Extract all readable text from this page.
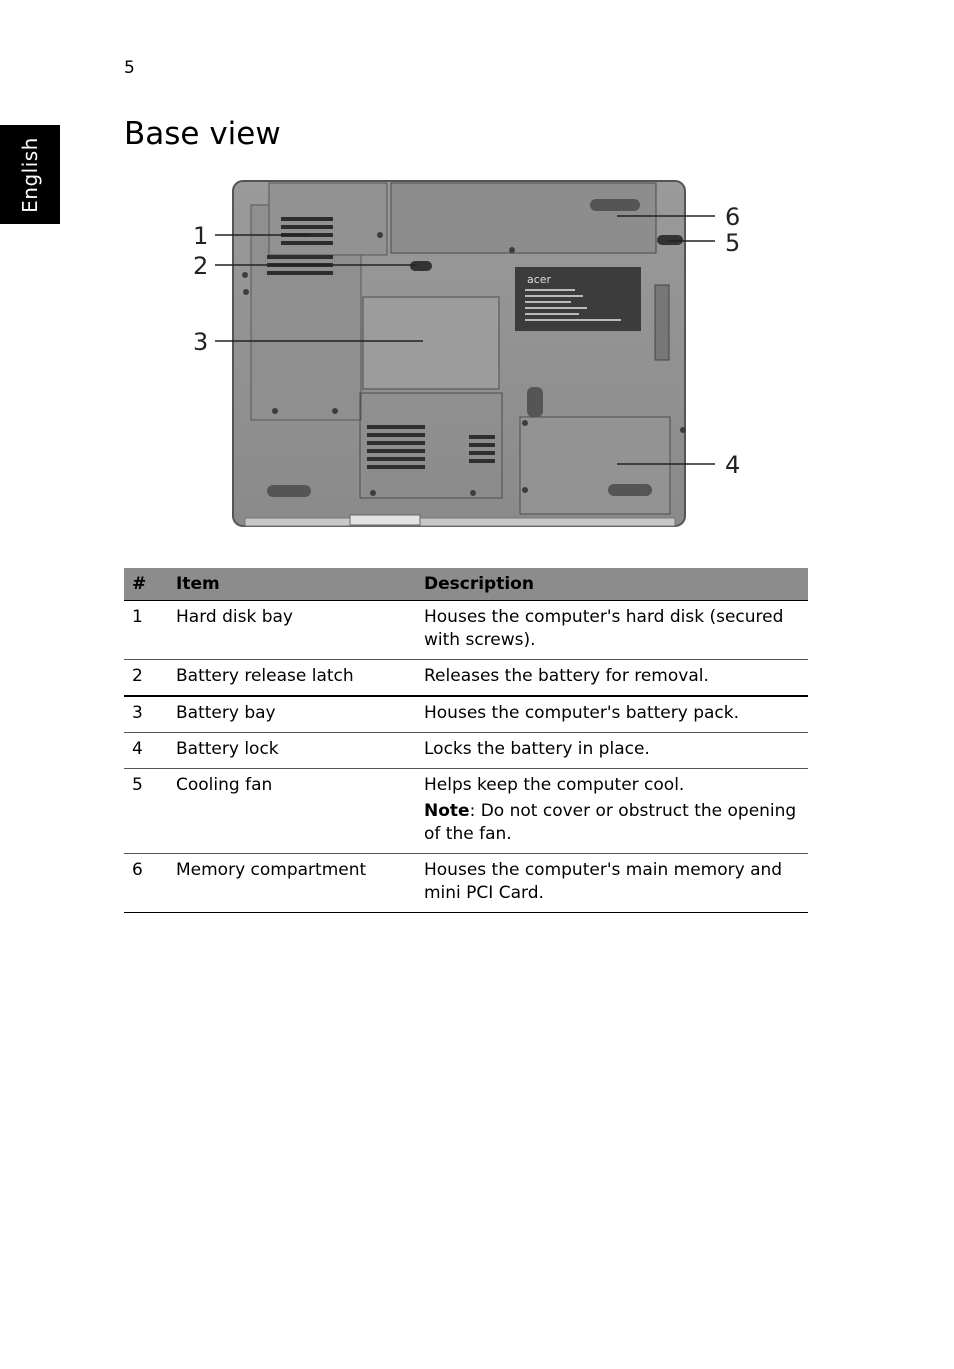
5
English
Base view
acer
1
2
3
4
5
6
#	Item	Description
1	Hard disk bay	Houses the computer's hard disk (secured with screws).

2	Battery release latch	Releases the battery for removal.

3	Battery bay	Houses the computer's battery pack.

4	Battery lock	Locks the battery in place.

5	Cooling fan	Helps keep the computer cool.

Note: Do not cover or obstruct the opening of the fan.

6	Memory compartment	Houses the computer's main memory and mini PCI Card.
